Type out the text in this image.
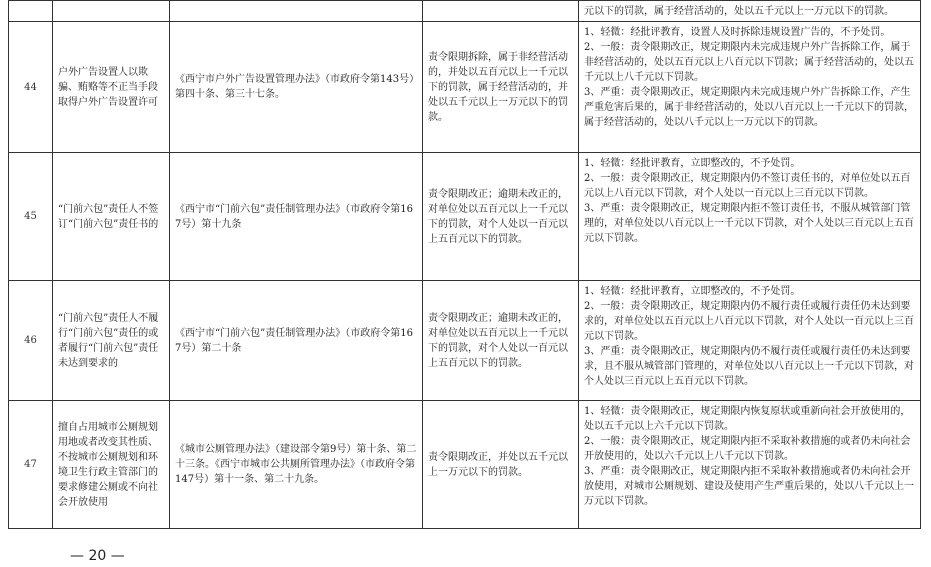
				元以下的罚款，属于经营活动的，处以五千元以上一万元以下的罚款。

44	户外广告设置人以欺骗、贿赂等不正当手段取得户外广告设置许可	《西宁市户外广告设置管理办法》（市政府令第143号）第四十条、第三十七条。	责令限期拆除，属于非经营活动的，并处以五百元以上一千元以下的罚款，属于经营活动的，并处以五千元以上一万元以下的罚款。	1、轻微：经批评教育，设置人及时拆除违规设置广告的，不予处罚。
2、一般：责令限期改正，规定期限内未完成违规户外广告拆除工作，属于非经营活动的，处以五百元以上八百元以下罚款；属于经营活动的，处以五千元以上八千元以下罚款。
3、严重：责令限期改正，规定期限内未完成违规户外广告拆除工作，产生严重危害后果的，属于非经营活动的，处以八百元以上一千元以下的罚款，属于经营活动的，处以八千元以上一万元以下的罚款。

45	“门前六包”责任人不签订“门前六包”责任书的	《西宁市“门前六包”责任制管理办法》（市政府令第167号）第十九条	责令限期改正；逾期未改正的，对单位处以五百元以上一千元以下的罚款，对个人处以一百元以上五百元以下的罚款。	1、轻微：经批评教育，立即整改的，不予处罚。
2、一般：责令限期改正，规定期限内仍不签订责任书的，对单位处以五百元以上八百元以下罚款，对个人处以一百元以上三百元以下罚款。
3、严重：责令限期改正，规定期限内拒不签订责任书，不服从城管部门管理的，对单位处以八百元以上一千元以下罚款，对个人处以三百元以上五百元以下罚款。

46	“门前六包”责任人不履行“门前六包”责任的或者履行“门前六包”责任未达到要求的	《西宁市“门前六包”责任制管理办法》（市政府令第167号）第二十条	责令限期改正；逾期未改正的，对单位处以五百元以上一千元以下的罚款，对个人处以一百元以上五百元以下的罚款。	1、轻微：经批评教育，立即整改的，不予处罚。
2、一般：责令限期改正，规定期限内仍不履行责任或履行责任仍未达到要求的，对单位处以五百元以上八百元以下罚款，对个人处以一百元以上三百元以下罚款。
3、严重：责令限期改正，规定期限内仍不履行责任或履行责任仍未达到要求，且不服从城管部门管理的，对单位处以八百元以上一千元以下罚款，对个人处以三百元以上五百元以下罚款。

47	擅自占用城市公厕规划用地或者改变其性质、不按城市公厕规划和环境卫生行政主管部门的要求修建公厕或不向社会开放使用	《城市公厕管理办法》（建设部令第9号）第十条、第二十三条。《西宁市城市公共厕所管理办法》（市政府令第147号）第十一条、第二十九条。	责令限期改正，并处以五千元以上一万元以下的罚款。	1、轻微：责令限期改正，规定期限内恢复原状或重新向社会开放使用的，处以五千元以上六千元以下罚款。
2、一般：责令限期改正，规定期限内拒不采取补救措施的或者仍未向社会开放使用的，处以六千元以上八千元以下罚款。
3、严重：责令限期改正，规定期限内拒不采取补救措施或者仍未向社会开放使用，对城市公厕规划、建设及使用产生严重后果的，处以八千元以上一万元以下罚款。
— 20 —
